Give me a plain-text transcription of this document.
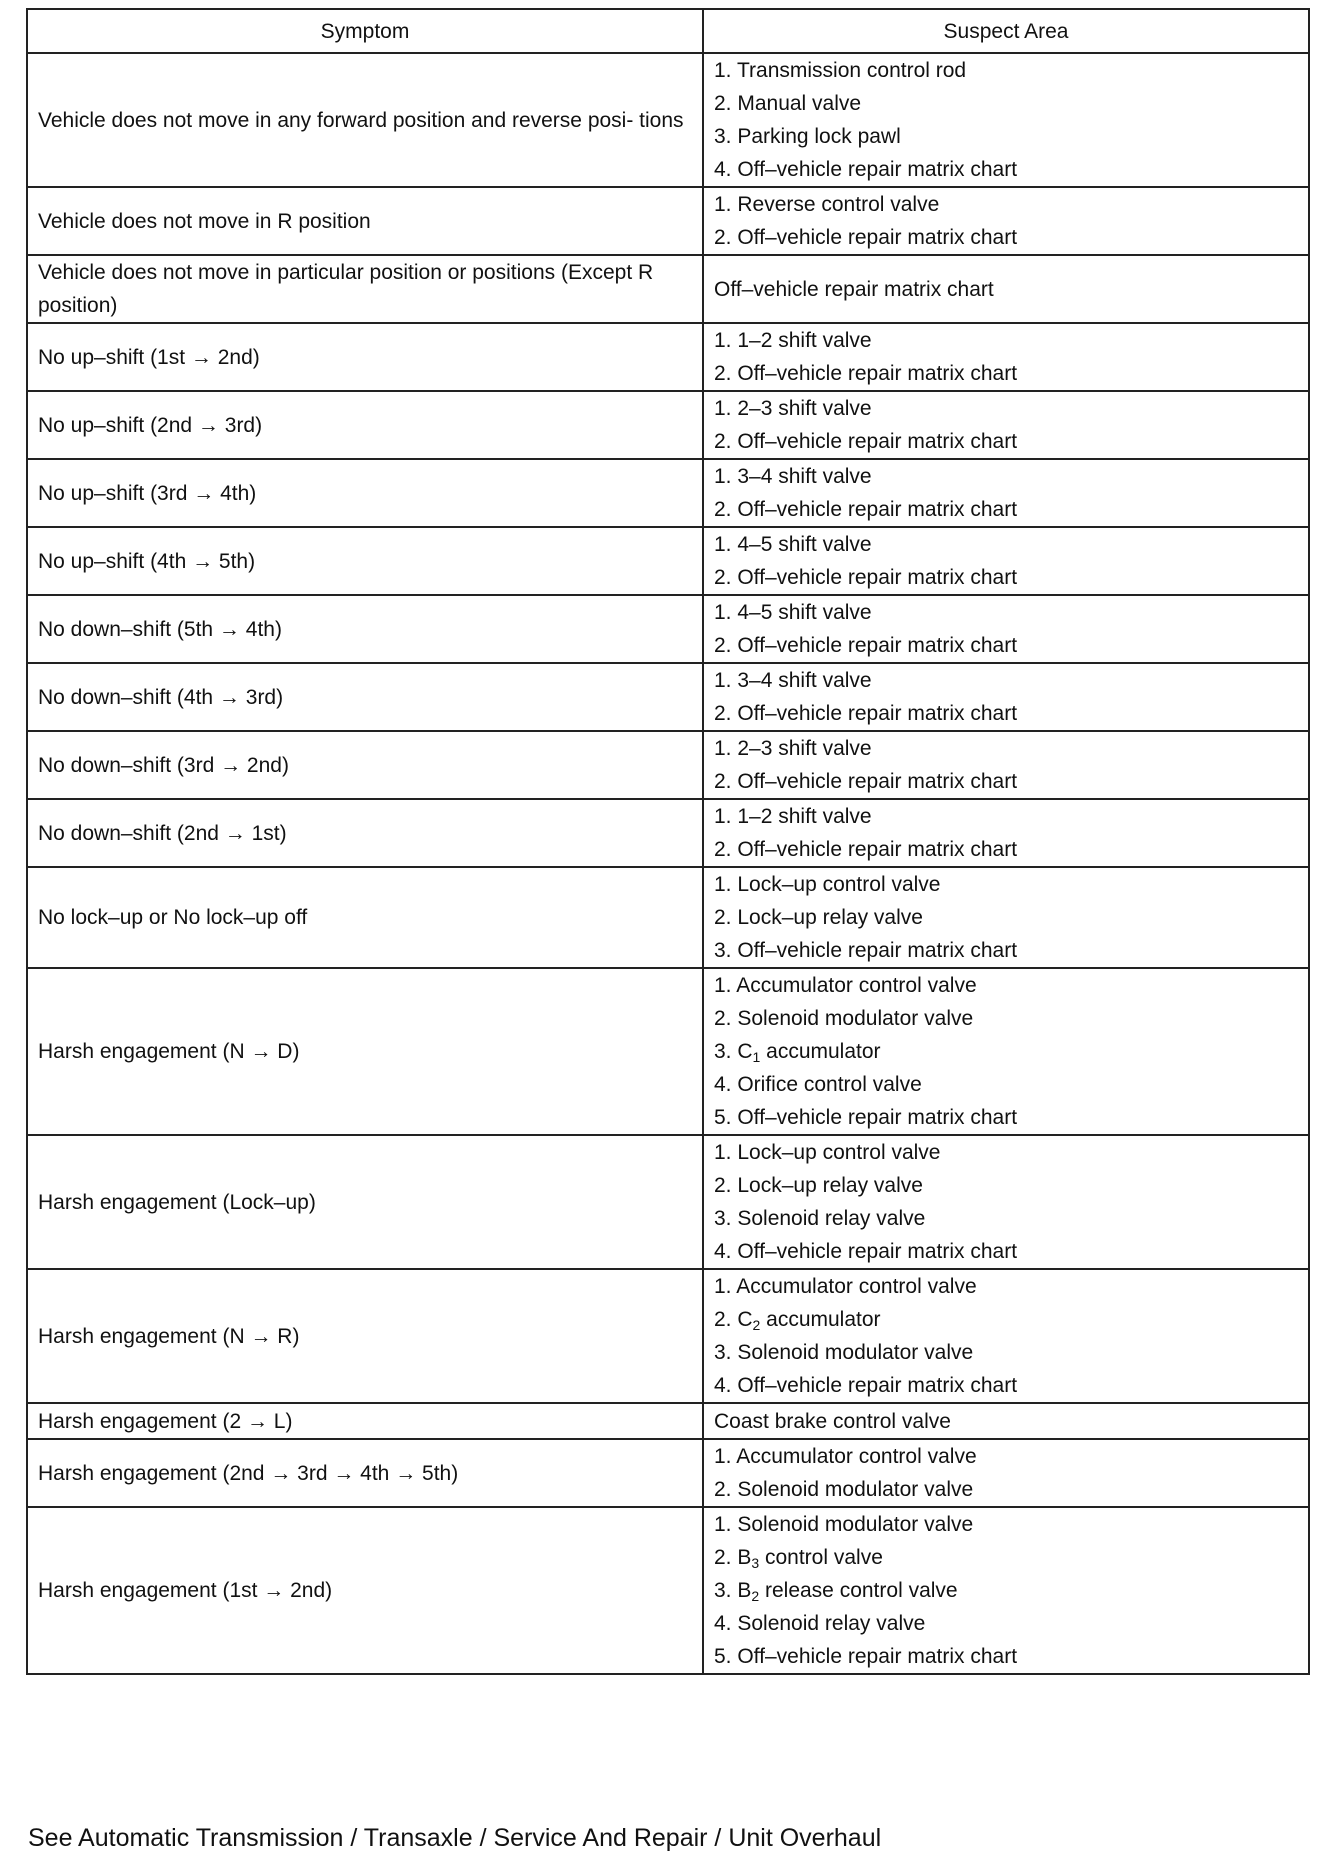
Symptom	Suspect Area

Vehicle does not move in any forward position and reverse posi- tions	1. Transmission control rod
2. Manual valve
3. Parking lock pawl
4. Off–vehicle repair matrix chart

Vehicle does not move in R position	1. Reverse control valve
2. Off–vehicle repair matrix chart

Vehicle does not move in particular position or positions (Except R position)	Off–vehicle repair matrix chart

No up–shift (1st → 2nd)	1. 1–2 shift valve
2. Off–vehicle repair matrix chart

No up–shift (2nd → 3rd)	1. 2–3 shift valve
2. Off–vehicle repair matrix chart

No up–shift (3rd → 4th)	1. 3–4 shift valve
2. Off–vehicle repair matrix chart

No up–shift (4th → 5th)	1. 4–5 shift valve
2. Off–vehicle repair matrix chart

No down–shift (5th → 4th)	1. 4–5 shift valve
2. Off–vehicle repair matrix chart

No down–shift (4th → 3rd)	1. 3–4 shift valve
2. Off–vehicle repair matrix chart

No down–shift (3rd → 2nd)	1. 2–3 shift valve
2. Off–vehicle repair matrix chart

No down–shift (2nd → 1st)	1. 1–2 shift valve
2. Off–vehicle repair matrix chart

No lock–up or No lock–up off	1. Lock–up control valve
2. Lock–up relay valve
3. Off–vehicle repair matrix chart

Harsh engagement (N → D)	1. Accumulator control valve
2. Solenoid modulator valve
3. $C_1$ accumulator
4. Orifice control valve
5. Off–vehicle repair matrix chart

Harsh engagement (Lock–up)	1. Lock–up control valve
2. Lock–up relay valve
3. Solenoid relay valve
4. Off–vehicle repair matrix chart

Harsh engagement (N → R)	1. Accumulator control valve
2. $C_2$ accumulator
3. Solenoid modulator valve
4. Off–vehicle repair matrix chart

Harsh engagement (2 → L)	Coast brake control valve

Harsh engagement (2nd → 3rd → 4th → 5th)	1. Accumulator control valve
2. Solenoid modulator valve

Harsh engagement (1st → 2nd)	1. Solenoid modulator valve
2. $B_3$ control valve
3. $B_2$ release control valve
4. Solenoid relay valve
5. Off–vehicle repair matrix chart
See Automatic Transmission / Transaxle / Service And Repair / Unit Overhaul
